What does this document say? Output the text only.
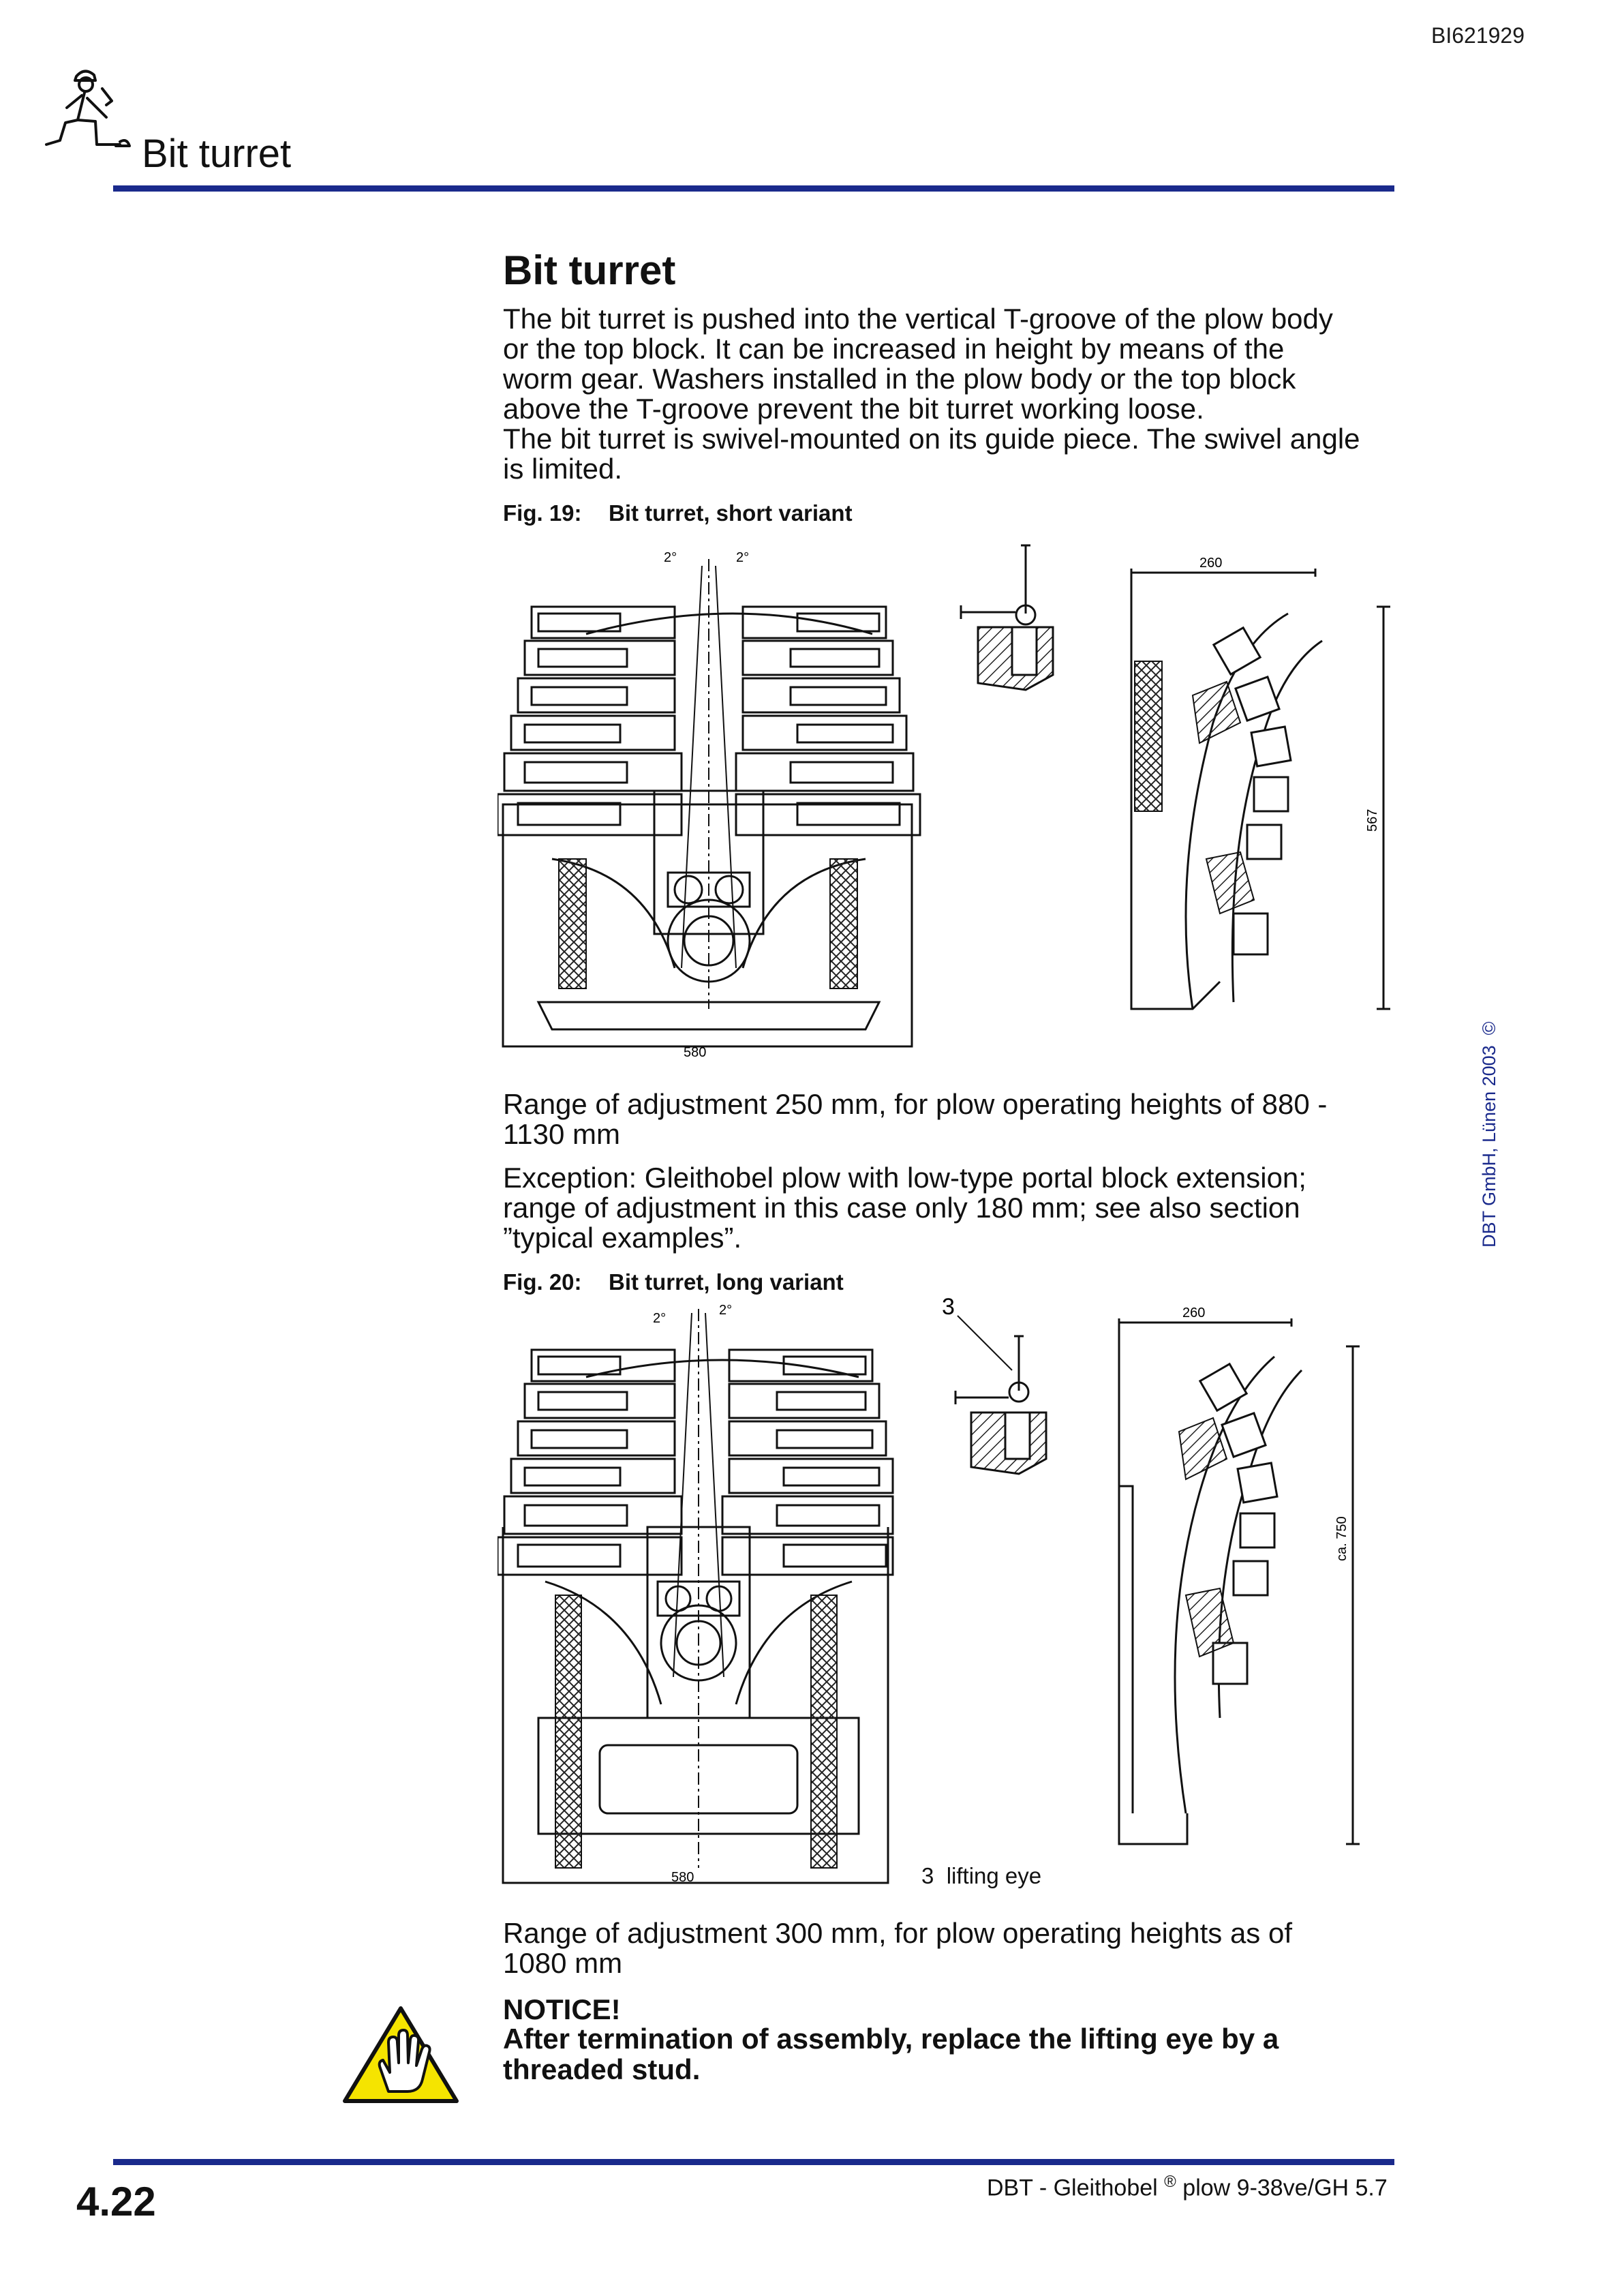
BI621929
Bit turret
Bit turret
The bit turret is pushed into the vertical T-groove of the plow body
or the top block. It can be increased in height by means of the
worm gear. Washers installed in the plow body or the top block
above the T-groove prevent the bit turret working loose.
The bit turret is swivel-mounted on its guide piece. The swivel angle
is limited.
Fig. 19: Bit turret, short variant
2°	2°
580
260
567
Range of adjustment 250 mm, for plow operating heights of 880 -
1130 mm
Exception: Gleithobel plow with low-type portal block extension;
range of adjustment in this case only 180 mm; see also section
”typical examples”.
Fig. 20: Bit turret, long variant
2°
2°
580
3	260
ca. 750
3 lifting eye
Range of adjustment 300 mm, for plow operating heights as of
1080 mm
NOTICE!
After termination of assembly, replace the lifting eye by a
threaded stud.
DBT GmbH, Lünen 2003  ©
4.22	DBT - Gleithobel ® plow 9-38ve/GH 5.7
